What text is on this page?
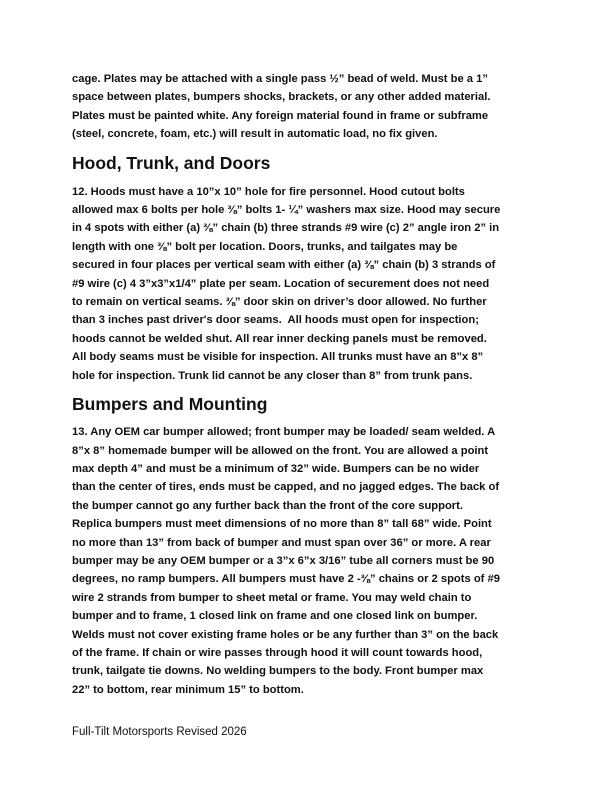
cage. Plates may be attached with a single pass ½” bead of weld. Must be a 1”
space between plates, bumpers shocks, brackets, or any other added material.
Plates must be painted white. Any foreign material found in frame or subframe
(steel, concrete, foam, etc.) will result in automatic load, no fix given.

Hood, Trunk, and Doors

12. Hoods must have a 10”x 10” hole for fire personnel. Hood cutout bolts
allowed max 6 bolts per hole ⅜” bolts 1- ¼” washers max size. Hood may secure
in 4 spots with either (a) ⅜” chain (b) three strands #9 wire (c) 2” angle iron 2” in
length with one ⅜” bolt per location. Doors, trunks, and tailgates may be
secured in four places per vertical seam with either (a) ⅜” chain (b) 3 strands of
#9 wire (c) 4 3”x3”x1/4” plate per seam. Location of securement does not need
to remain on vertical seams. ⅜” door skin on driver’s door allowed. No further
than 3 inches past driver's door seams.  All hoods must open for inspection;
hoods cannot be welded shut. All rear inner decking panels must be removed.
All body seams must be visible for inspection. All trunks must have an 8”x 8”
hole for inspection. Trunk lid cannot be any closer than 8” from trunk pans.

Bumpers and Mounting

13. Any OEM car bumper allowed; front bumper may be loaded/ seam welded. A
8”x 8” homemade bumper will be allowed on the front. You are allowed a point
max depth 4” and must be a minimum of 32” wide. Bumpers can be no wider
than the center of tires, ends must be capped, and no jagged edges. The back of
the bumper cannot go any further back than the front of the core support.
Replica bumpers must meet dimensions of no more than 8” tall 68” wide. Point
no more than 13” from back of bumper and must span over 36” or more. A rear
bumper may be any OEM bumper or a 3”x 6”x 3/16” tube all corners must be 90
degrees, no ramp bumpers. All bumpers must have 2 -⅜” chains or 2 spots of #9
wire 2 strands from bumper to sheet metal or frame. You may weld chain to
bumper and to frame, 1 closed link on frame and one closed link on bumper.
Welds must not cover existing frame holes or be any further than 3” on the back
of the frame. If chain or wire passes through hood it will count towards hood,
trunk, tailgate tie downs. No welding bumpers to the body. Front bumper max
22” to bottom, rear minimum 15” to bottom.

Full-Tilt Motorsports Revised 2026
